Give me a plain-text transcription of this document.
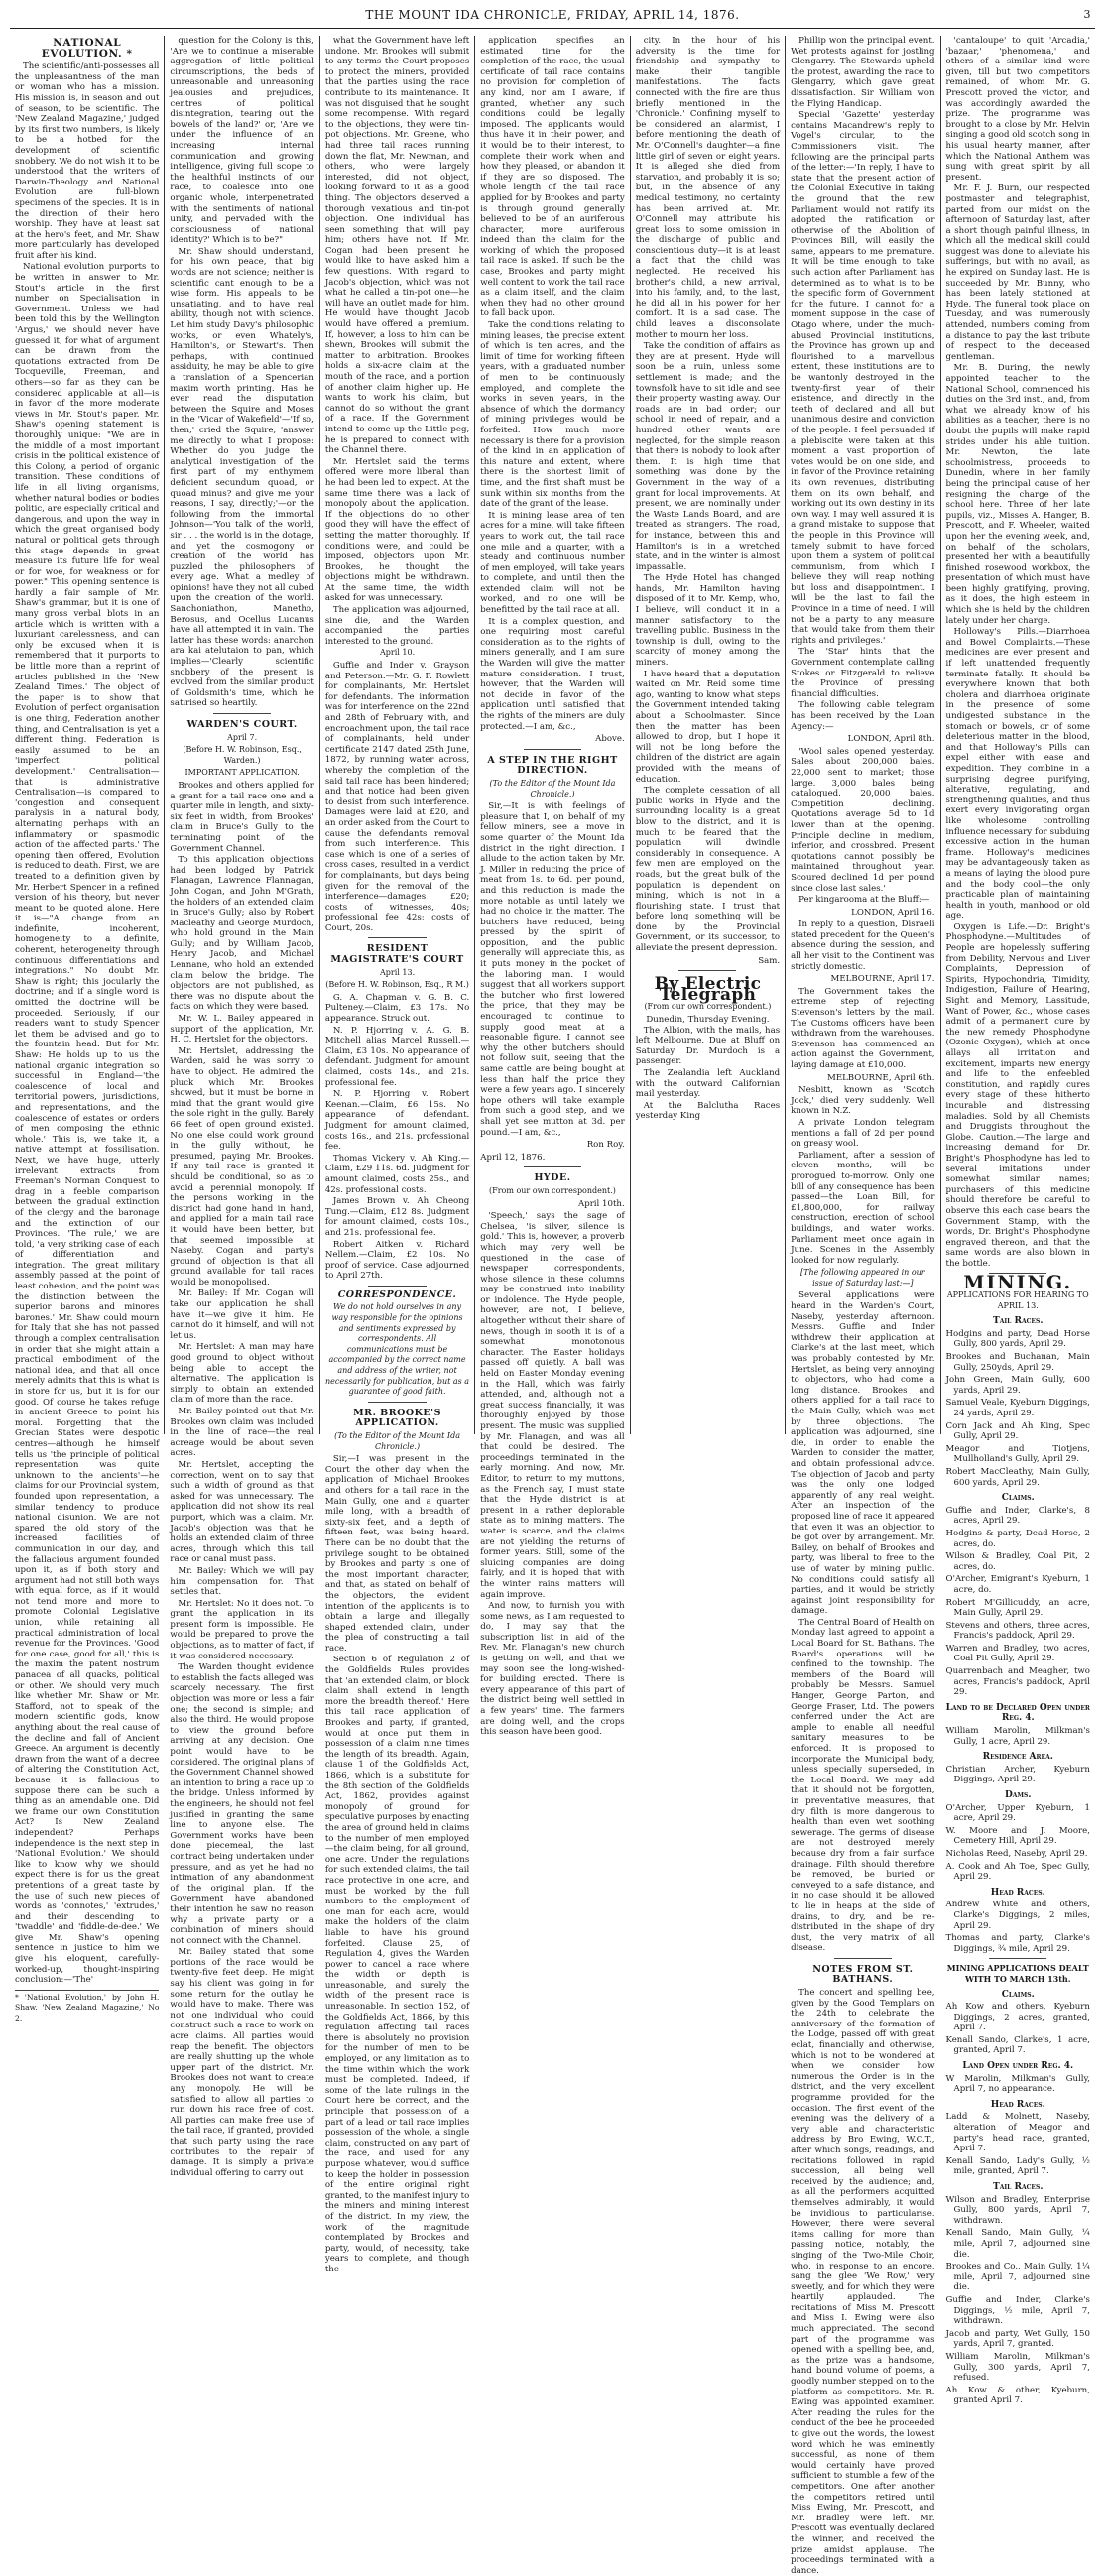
THE MOUNT IDA CHRONICLE, FRIDAY, APRIL 14, 1876.	3
NATIONAL EVOLUTION. *

The scientific/anti-possesses all the unpleasantness of the man or woman who has a mission. His mission is, in season and out of season, to be scientific. The 'New Zealand Magazine,' judged by its first two numbers, is likely to be a hotbed for the development of scientific snobbery. We do not wish it to be understood that the writers of Darwin-Theology and National Evolution are full-blown specimens of the species. It is in the direction of their hero worship. They have at least sat at the hero's feet, and Mr. Shaw more particularly has developed fruit after his kind.

National evolution purports to be written in answer to Mr. Stout's article in the first number on Specialisation in Government. Unless we had been told this by the Wellington 'Argus,' we should never have guessed it, for what of argument can be drawn from the quotations extracted from De Tocqueville, Freeman, and others—so far as they can be considered applicable at all—is in favor of the more moderate views in Mr. Stout's paper. Mr. Shaw's opening statement is thoroughly unique: "We are in the middle of a most important crisis in the political existence of this Colony, a period of organic transition. These conditions of life in all living organisms, whether natural bodies or bodies politic, are especially critical and dangerous, and upon the way in which the great organised body natural or political gets through this stage depends in great measure its future life for weal or for woe, for weakness or for power." This opening sentence is hardly a fair sample of Mr. Shaw's grammar, but it is one of many gross verbal blots in an article which is written with a luxuriant carelessness, and can only be excused when it is remembered that it purports to be little more than a reprint of articles published in the 'New Zealand Times.' The object of the paper is to show that Evolution of perfect organisation is one thing, Federation another thing, and Centralisation is yet a different thing. Federation is easily assumed to be an 'imperfect political development.' Centralisation—that is administrative Centralisation—is compared to 'congestion and consequent paralysis in a natural body, alternating perhaps with an inflammatory or spasmodic action of the affected parts.' The opening then offered, Evolution is reduced to death. First, we are treated to a definition given by Mr. Herbert Spencer in a refined version of his theory, but never meant to be quoted alone. Here it is—"A change from an indefinite, incoherent, homogeneity to a definite, coherent, heterogeneity through continuous differentiations and integrations." No doubt Mr. Shaw is right; this jocularly the doctrine; and if a single word is omitted the doctrine will be proceeded. Seriously, if our readers want to study Spencer let them be advised and go to the fountain head. But for Mr. Shaw: He holds up to us the national organic integration so successful in England—'the coalescence of local and territorial powers, jurisdictions, and representations, and the coalescence of estates or orders of men composing the ethnic whole.' This is, we take it, a native attempt at fossilisation. Next, we have huge, utterly irrelevant extracts from Freeman's Norman Conquest to drag in a feeble comparison between the gradual extinction of the clergy and the baronage and the extinction of our Provinces. 'The rule,' we are told, 'a very striking case of each of differentiation and integration. The great military assembly passed at the point of least cohesion, and the point was the distinction between the superior barons and minores barones.' Mr. Shaw could mourn for Italy that she has not passed through a complex centralisation in order that she might attain a practical embodiment of the national idea, and that all once merely admits that this is what is in store for us, but it is for our good. Of course he takes refuge in ancient Greece to point his moral. Forgetting that the Grecian States were despotic centres—although he himself tells us 'the principle of political representation was quite unknown to the ancients'—he claims for our Provincial system, founded upon representation, a similar tendency to produce national disunion. We are not spared the old story of the increased facilities of communication in our day, and the fallacious argument founded upon it, as if both story and argument had not still both ways with equal force, as if it would not tend more and more to promote Colonial Legislative union, while retaining all practical administration of local revenue for the Provinces. 'Good for one case, good for all,' this is the maxim the patent nostrum panacea of all quacks, political or other. We should very much like whether Mr. Shaw or Mr. Stafford, not to speak of the modern scientific gods, know anything about the real cause of the decline and fall of Ancient Greece. An argument is decently drawn from the want of a decree of altering the Constitution Act, because it is fallacious to suppose there can be such a thing as an amendable one. Did we frame our own Constitution Act? Is New Zealand independent? Perhaps independence is the next step in 'National Evolution.' We should like to know why we should expect there is for us the great pretentions of a great taste by the use of such new pieces of words as 'connotes,' 'extrudes,' and their descending to 'twaddle' and 'fiddle-de-dee.' We give Mr. Shaw's opening sentence in justice to him we give his eloquent, carefully-worked-up, thought-inspiring conclusion:—'The'

* 'National Evolution,' by John H. Shaw. 'New Zealand Magazine,' No 2.

question for the Colony is this, 'Are we to continue a miserable aggregation of little political circumscriptions, the beds of unreasonable and unreasoning jealousies and prejudices, centres of political disintegration, tearing out the bowels of the land?' or, 'Are we under the influence of an increasing internal communication and growing intelligence, giving full scope to the healthful instincts of our race, to coalesce into one organic whole, interpenetrated with the sentiments of national unity, and pervaded with the consciousness of national identity?' Which is to be?"

Mr. Shaw should understand, for his own peace, that big words are not science; neither is scientific cant enough to be a wise form. His appeals to be unsatiating, and to have real ability, though not with science. Let him study Davy's philosophic works, or even Whately's, Hamilton's, or Stewart's. Then perhaps, with continued assiduity, he may be able to give a translation of a Spencerian maxim worth printing. Has he ever read the disputation between the Squire and Moses in the 'Vicar of Wakefield'—'If so, then,' cried the Squire, 'answer me directly to what I propose: Whether do you judge the analytical investigation of the first part of my enthymem deficient secundum quoad, or quoad minus? and give me your reasons, I say, directly;'—or the following from the immortal Johnson—'You talk of the world, sir . . . the world is in the dotage, and yet the cosmogony or creation of the world has puzzled the philosophers of every age. What a medley of opinions! have they not all cubed upon the creation of the world. Sanchoniathon, Manetho, Berosus, and Ocellus Lucanus have all attempted it in vain. The latter has these words: anarchon ara kai atelutaion to pan, which implies—'Clearly scientific snobbery of the present is evolved from the similar product of Goldsmith's time, which he satirised so heartily.

WARDEN'S COURT.
April 7.
(Before H. W. Robinson, Esq., Warden.)
IMPORTANT APPLICATION.

Brookes and others applied for a grant for a tail race one and a quarter mile in length, and sixty-six feet in width, from Brookes' claim in Bruce's Gully to the terminating point of the Government Channel.

To this application objections had been lodged by Patrick Flanagan, Lawrence Flannagan, John Cogan, and John M'Grath, the holders of an extended claim in Bruce's Gully; also by Robert Macleathy and George Murdoch, who hold ground in the Main Gully; and by William Jacob, Henry Jacob, and Michael Lennane, who hold an extended claim below the bridge. The objectors are not published, as there was no dispute about the facts on which they were based.

Mr. W. L. Bailey appeared in support of the application, Mr. H. C. Hertslet for the objectors.

Mr. Hertslet, addressing the Warden, said he was sorry to have to object. He admired the pluck which Mr. Brookes showed, but it must be borne in mind that the grant would give the sole right in the gully. Barely 66 feet of open ground existed. No one else could work ground in the gully without, he presumed, paying Mr. Brookes. If any tail race is granted it should be conditional, so as to avoid a perennial monopoly. If the persons working in the district had gone hand in hand, and applied for a main tail race it would have been better, but that seemed impossible at Naseby. Cogan and party's ground of objection is that all ground available for tail races would be monopolised.

Mr. Bailey: If Mr. Cogan will take our application he shall have it—we give it him. He cannot do it himself, and will not let us.

Mr. Hertslet: A man may have good ground to object without being able to accept the alternative. The application is simply to obtain an extended claim of more than the race.

Mr. Bailey pointed out that Mr. Brookes own claim was included in the line of race—the real acreage would be about seven acres.

Mr. Hertslet, accepting the correction, went on to say that such a width of ground as that asked for was unnecessary. The application did not show its real purport, which was a claim. Mr. Jacob's objection was that he holds an extended claim of three acres, through which this tail race or canal must pass.

Mr. Bailey: Which we will pay him compensation for. That settles that.

Mr. Hertslet: No it does not. To grant the application in its present form is impossible. He would be prepared to prove the objections, as to matter of fact, if it was considered necessary.

The Warden thought evidence to establish the facts alleged was scarcely necessary. The first objection was more or less a fair one; the second is simple; and also the third. He would propose to view the ground before arriving at any decision. One point would have to be considered. The original plans of the Government Channel showed an intention to bring a race up to the bridge. Unless informed by the engineers, he should not feel justified in granting the same line to anyone else. The Government works have been done piecemeal, the last contract being undertaken under pressure, and as yet he had no intimation of any abandonment of the original plan. If the Government have abandoned their intention he saw no reason why a private party or a combination of miners should not connect with the Channel.

Mr. Bailey stated that some portions of the race would be twenty-five feet deep. He might say his client was going in for some return for the outlay he would have to make. There was not one individual who could construct such a race to work on acre claims. All parties would reap the benefit. The objectors are really shutting up the whole upper part of the district. Mr. Brookes does not want to create any monopoly. He will be satisfied to allow all parties to run down his race free of cost. All parties can make free use of the tail race, if granted, provided that such party using the race contributes to the repair of damage. It is simply a private individual offering to carry out

what the Government have left undone. Mr. Brookes will submit to any terms the Court proposes to protect the miners, provided that the parties using the race contribute to its maintenance. It was not disguised that he sought some recompense. With regard to the objections, they were tin-pot objections. Mr. Greene, who had three tail races running down the flat, Mr. Newman, and others, who were largely interested, did not object, looking forward to it as a good thing. The objectors deserved a thorough vexatious and tin-pot objection. One individual has seen something that will pay him; others have not. If Mr. Cogan had been present he would like to have asked him a few questions. With regard to Jacob's objection, which was not what he called a tin-pot one—he will have an outlet made for him. He would have thought Jacob would have offered a premium. If, however, a loss to him can be shewn, Brookes will submit the matter to arbitration. Brookes holds a six-acre claim at the mouth of the race, and a portion of another claim higher up. He wants to work his claim, but cannot do so without the grant of a race. If the Government intend to come up the Little peg, he is prepared to connect with the Channel there.

Mr. Hertslet said the terms offered were more liberal than he had been led to expect. At the same time there was a lack of monopoly about the application. If the objections do no other good they will have the effect of setting the matter thoroughly. If conditions were, and could be imposed, objectors upon Mr. Brookes, he thought the objections might be withdrawn. At the same time, the width asked for was unnecessary.

The application was adjourned, sine die, and the Warden accompanied the parties interested to the ground.

April 10.

Guffie and Inder v. Grayson and Peterson.—Mr. G. F. Rowlett for complainants, Mr. Hertslet for defendants. The information was for interference on the 22nd and 28th of February with, and encroachment upon, the tail race of complainants, held under certificate 2147 dated 25th June, 1872, by running water across, whereby the completion of the said tail race has been hindered; and that notice had been given to desist from such interference. Damages were laid at £20, and an order asked from the Court to cause the defendants removal from such interference. This case which is one of a series of cross cases, resulted in a verdict for complainants, but days being given for the removal of the interference—damages £20; costs of witnesses, 40s; professional fee 42s; costs of Court, 20s.

RESIDENT MAGISTRATE'S COURT
April 13.
(Before H. W. Robinson, Esq., R M.)

G. A. Chapman v. G. B. C. Pulteney.—Claim, £3 17s. No appearance. Struck out.

N. P. Hjorring v. A. G. B. Mitchell alias Marcel Russell.—Claim, £3 10s. No appearance of defendant. Judgment for amount claimed, costs 14s., and 21s. professional fee.

N. P. Hjorring v. Robert Keenan.—Claim, £6 15s. No appearance of defendant. Judgment for amount claimed, costs 16s., and 21s. professional fee.

Thomas Vickery v. Ah King.—Claim, £29 11s. 6d. Judgment for amount claimed, costs 25s., and 42s. professional costs.

James Brown v. Ah Cheong Tung.—Claim, £12 8s. Judgment for amount claimed, costs 10s., and 21s. professional fee.

Robert Aitken v. Richard Nellem.—Claim, £2 10s. No proof of service. Case adjourned to April 27th.

CORRESPONDENCE.
We do not hold ourselves in any way responsible for the opinions and sentiments expressed by correspondents. All communications must be accompanied by the correct name and address of the writer, not necessarily for publication, but as a guarantee of good faith.
MR. BROOKE'S APPLICATION.
(To the Editor of the Mount Ida Chronicle.)

Sir,—I was present in the Court the other day when the application of Michael Brookes and others for a tail race in the Main Gully, one and a quarter mile long, with a breadth of sixty-six feet, and a depth of fifteen feet, was being heard. There can be no doubt that the privilege sought to be obtained by Brookes and party is one of the most important character, and that, as stated on behalf of the objectors, the evident intention of the applicants is to obtain a large and illegally shaped extended claim, under the plea of constructing a tail race.

Section 6 of Regulation 2 of the Goldfields Rules provides that 'an extended claim, or block claim shall extend in length more the breadth thereof.' Here this tail race application of Brookes and party, if granted, would at once put them in possession of a claim nine times the length of its breadth. Again, clause 1 of the Goldfields Act, 1866, which is a substitute for the 8th section of the Goldfields Act, 1862, provides against monopoly of ground for speculative purposes by enacting the area of ground held in claims to the number of men employed—the claim being, for all ground, one acre. Under the regulations for such extended claims, the tail race protective in one acre, and must be worked by the full numbers to the employment of one man for each acre, would make the holders of the claim liable to have his ground forfeited. Clause 25, of Regulation 4, gives the Warden power to cancel a race where the width or depth is unreasonable, and surely the width of the present race is unreasonable. In section 152, of the Goldfields Act, 1866, by this regulation affecting tail races there is absolutely no provision for the number of men to be employed, or any limitation as to the time within which the work must be completed. Indeed, if some of the late rulings in the Court here be correct, and the principle that possession of a part of a lead or tail race implies possession of the whole, a single claim, constructed on any part of the race, and used for any purpose whatever, would suffice to keep the holder in possession of the entire original right granted, to the manifest injury to the miners and mining interest of the district. In my view, the work of the magnitude contemplated by Brookes and party, would, of necessity, take years to complete, and though the

application specifies an estimated time for the completion of the race, the usual certificate of tail race contains no provision for completion of any kind, nor am I aware, if granted, whether any such conditions could be legally imposed. The applicants would thus have it in their power, and it would be to their interest, to complete their work when and how they pleased, or abandon it if they are so disposed. The whole length of the tail race applied for by Brookes and party is through ground generally believed to be of an auriferous character, more auriferous indeed than the claim for the working of which the proposed tail race is asked. If such be the case, Brookes and party might well content to work the tail race as a claim itself, and the claim when they had no other ground to fall back upon.

Take the conditions relating to mining leases, the precise extent of which is ten acres, and the limit of time for working fifteen years, with a graduated number of men to be continuously employed, and complete the works in seven years, in the absence of which the dormancy of mining privileges would be forfeited. How much more necessary is there for a provision of the kind in an application of this nature and extent, where there is the shortest limit of time, and the first shaft must be sunk within six months from the date of the grant of the lease.

It is mining lease area of ten acres for a mine, will take fifteen years to work out, the tail race one mile and a quarter, with a steady and continuous number of men employed, will take years to complete, and until then the extended claim will not be worked, and no one will be benefitted by the tail race at all.

It is a complex question, and one requiring most careful consideration as to the rights of miners generally, and I am sure the Warden will give the matter mature consideration. I trust, however, that the Warden will not decide in favor of the application until satisfied that the rights of the miners are duly protected.—I am, &c.,

Above.
A STEP IN THE RIGHT DIRECTION.
(To the Editor of the Mount Ida Chronicle.)

Sir,—It is with feelings of pleasure that I, on behalf of my fellow miners, see a move in some quarter of the Mount Ida district in the right direction. I allude to the action taken by Mr. J. Miller in reducing the price of meat from 1s. to 6d. per pound, and this reduction is made the more notable as until lately we had no choice in the matter. The butchers have reduced, being pressed by the spirit of opposition, and the public generally will appreciate this, as it puts money in the pocket of the laboring man. I would suggest that all workers support the butcher who first lowered the price, that they may be encouraged to continue to supply good meat at a reasonable figure. I cannot see why the other butchers should not follow suit, seeing that the same cattle are being bought at less than half the price they were a few years ago. I sincerely hope others will take example from such a good step, and we shall yet see mutton at 3d. per pound.—I am, &c.,

Ron Roy.
April 12, 1876.
HYDE.
(From our own correspondent.)
April 10th.

'Speech,' says the sage of Chelsea, 'is silver, silence is gold.' This is, however, a proverb which may very well be questioned in the case of newspaper correspondents, whose silence in these columns may be construed into inability or indolence. The Hyde people, however, are not, I believe, altogether without their share of news, though in sooth it is of a somewhat monotonous character. The Easter holidays passed off quietly. A ball was held on Easter Monday evening in the Hall, which was fairly attended, and, although not a great success financially, it was thoroughly enjoyed by those present. The music was supplied by Mr. Flanagan, and was all that could be desired. The proceedings terminated in the early morning. And now, Mr. Editor, to return to my muttons, as the French say, I must state that the Hyde district is at present in a rather deplorable state as to mining matters. The water is scarce, and the claims are not yielding the returns of former years. Still, some of the sluicing companies are doing fairly, and it is hoped that with the winter rains matters will again improve.

And now, to furnish you with some news, as I am requested to do, I may say that the subscription list in aid of the Rev. Mr. Flanagan's new church is getting on well, and that we may soon see the long-wished-for building erected. There is every appearance of this part of the district being well settled in a few years' time. The farmers are doing well, and the crops this season have been good.

city. In the hour of his adversity is the time for friendship and sympathy to make their tangible manifestations. The facts connected with the fire are thus briefly mentioned in the 'Chronicle.' Confining myself to be considered an alarmist, I before mentioning the death of Mr. O'Connell's daughter—a fine little girl of seven or eight years. It is alleged she died from starvation, and probably it is so; but, in the absence of any medical testimony, no certainty has been arrived at. Mr. O'Connell may attribute his great loss to some omission in the discharge of public and conscientious duty—it is at least a fact that the child was neglected. He received his brother's child, a new arrival, into his family, and, to the last, he did all in his power for her comfort. It is a sad case. The child leaves a disconsolate mother to mourn her loss.

Take the condition of affairs as they are at present. Hyde will soon be a ruin, unless some settlement is made; and the townsfolk have to sit idle and see their property wasting away. Our roads are in bad order; our school in need of repair, and a hundred other wants are neglected, for the simple reason that there is nobody to look after them. It is high time that something was done by the Government in the way of a grant for local improvements. At present, we are nominally under the Waste Lands Board, and are treated as strangers. The road, for instance, between this and Hamilton's is in a wretched state, and in the winter is almost impassable.

The Hyde Hotel has changed hands, Mr. Hamilton having disposed of it to Mr. Kemp, who, I believe, will conduct it in a manner satisfactory to the travelling public. Business in the township is dull, owing to the scarcity of money among the miners.

I have heard that a deputation waited on Mr. Reid some time ago, wanting to know what steps the Government intended taking about a Schoolmaster. Since then the matter has been allowed to drop, but I hope it will not be long before the children of the district are again provided with the means of education.

The complete cessation of all public works in Hyde and the surrounding locality is a great blow to the district, and it is much to be feared that the population will dwindle considerably in consequence. A few men are employed on the roads, but the great bulk of the population is dependent on mining, which is not in a flourishing state. I trust that before long something will be done by the Provincial Government, or its successor, to alleviate the present depression.

Sam.
By Electric Telegraph
(From our own correspondent.)
Dunedin, Thursday Evening.

The Albion, with the mails, has left Melbourne. Due at Bluff on Saturday. Dr. Murdoch is a passenger.

The Zealandia left Auckland with the outward Californian mail yesterday.

At the Balclutha Races yesterday King

Phillip won the principal event. Wet protests against for jostling Glengarry. The Stewards upheld the protest, awarding the race to Glengarry, which gave great dissatisfaction. Sir William won the Flying Handicap.

Special 'Gazette' yesterday contains Macandrew's reply to Vogel's circular, to the Commissioners visit. The following are the principal parts of the letter:—'In reply, I have to state that the present action of the Colonial Executive in taking the ground that the new Parliament would not ratify its adopted the ratification or otherwise of the Abolition of Provinces Bill, will easily the same, appears to me premature. It will be time enough to take such action after Parliament has determined as to what is to be the specific form of Government for the future. I cannot for a moment suppose in the case of Otago where, under the much-abused Provincial institutions, the Province has grown up and flourished to a marvellous extent, these institutions are to be wantonly destroyed in the twenty-first year of their existence, and directly in the teeth of declared and all but unanimous desire and conviction of the people. I feel persuaded if a plebiscite were taken at this moment a vast proportion of votes would be on one side, and in favor of the Province retaining its own revenues, distributing them on its own behalf, and working out its own destiny in its own way. I may well assured it is a grand mistake to suppose that the people in this Province will tamely submit to have forced upon them a system of political communism, from which I believe they will reap nothing but loss and disappointment. I will be the last to fail the Province in a time of need. I will not be a party to any measure that would take from them their rights and privileges.'

The 'Star' hints that the Government contemplate calling Stokes or Fitzgerald to relieve the Province of pressing financial difficulties.

The following cable telegram has been received by the Loan Agency:—

LONDON, April 8th.

'Wool sales opened yesterday. Sales about 200,000 bales. 22,000 sent to market; those large. 3,000 bales being catalogued. 20,000 bales. Competition declining. Quotations average 5d to 1d lower than at the opening. Principle decline in medium, inferior, and crossbred. Present quotations cannot possibly be maintained throughout year. Scoured declined 1d per pound since close last sales.'

Per kingarooma at the Bluff:—

LONDON, April 16.

In reply to a question, Disraeli stated precedent for the Queen's absence during the session, and all her visit to the Continent was strictly domestic.

MELBOURNE, April 17.

The Government takes the extreme step of rejecting Stevenson's letters by the mail. The Customs officers have been withdrawn from the warehouses. Stevenson has commenced an action against the Government, laying damage at £10,000.

MELBOURNE, April 6th.

Nesbitt, known as 'Scotch Jock,' died very suddenly. Well known in N.Z.

A private London telegram mentions a fall of 2d per pound on greasy wool.

Parliament, after a session of eleven months, will be prorogued to-morrow. Only one bill of any consequence has been passed—the Loan Bill, for £1,800,000, for railway construction, erection of school buildings, and water works. Parliament meet once again in June. Scenes in the Assembly looked for now regularly.

[The following appeared in our issue of Saturday last:—]

Several applications were heard in the Warden's Court, Naseby, yesterday afternoon. Messrs. Guffie and Inder withdrew their application at Clarke's at the last meet, which was probably contested by Mr. Hertslet, as being very annoying to objectors, who had come a long distance. Brookes and others applied for a tail race to the Main Gully, which was met by three objections. The application was adjourned, sine die, in order to enable the Warden to consider the matter, and obtain professional advice. The objection of Jacob and party was the only one lodged apparently of any real weight. After an inspection of the proposed line of race it appeared that even it was an objection to be got over by arrangement. Mr. Bailey, on behalf of Brookes and party, was liberal to free to the use of water by mining public. No conditions could satisfy all parties, and it would be strictly against joint responsibility for damage.

The Central Board of Health on Monday last agreed to appoint a Local Board for St. Bathans. The Board's operations will be confined to the township. The members of the Board will probably be Messrs. Samuel Hanger, George Parton, and George Fraser, Ltd. The powers conferred under the Act are ample to enable all needful sanitary measures to be enforced. It is proposed to incorporate the Municipal body, unless specially superseded, in the Local Board. We may add that it should not be forgotten, in preventative measures, that dry filth is more dangerous to health than even wet soothing sewerage. The germs of disease are not destroyed merely because dry from a fair surface drainage. Filth should therefore be removed, be buried or conveyed to a safe distance, and in no case should it be allowed to lie in heaps at the side of drains, to dry, and be re-distributed in the shape of dry dust, the very matrix of all disease.

NOTES FROM ST. BATHANS.

The concert and spelling bee, given by the Good Templars on the 24th to celebrate the anniversary of the formation of the Lodge, passed off with great eclat, financially and otherwise, which is not to be wondered at when we consider how numerous the Order is in the district, and the very excellent programme provided for the occasion. The first event of the evening was the delivery of a very able and characteristic address by Bro Ewing, W.C.T., after which songs, readings, and recitations followed in rapid succession, all being well received by the audience; and, as all the performers acquitted themselves admirably, it would be invidious to particularise. However, there were several items calling for more than passing notice, notably, the singing of the Two-Mile Choir, who, in response to an encore, sang the glee 'We Row,' very sweetly, and for which they were heartily applauded. The recitations of Miss M. Prescott and Miss I. Ewing were also much appreciated. The second part of the programme was opened with a spelling bee, and, as the prize was a handsome, hand bound volume of poems, a goodly number stepped on to the platform as competitors. Mr. R. Ewing was appointed examiner. After reading the rules for the conduct of the bee he proceeded to give out the words, the lowest word which he was eminently successful, as none of them would certainly have proved sufficient to stumble a few of the competitors. One after another the competitors retired until Miss Ewing, Mr. Prescott, and Mr. Bradley were left. Mr. Prescott was eventually declared the winner, and received the prize amidst applause. The proceedings terminated with a dance.

'cantaloupe' to quit 'Arcadia,' 'bazaar,' 'phenomena,' and others of a similar kind were given, till but two competitors remained, of whom Mr. G. Prescott proved the victor, and was accordingly awarded the prize. The programme was brought to a close by Mr. Helvin singing a good old scotch song in his usual hearty manner, after which the National Anthem was sung with great spirit by all present.

Mr. F. J. Burn, our respected postmaster and telegraphist, parted from our midst on the afternoon of Saturday last, after a short though painful illness, in which all the medical skill could suggest was done to alleviate his sufferings, but with no avail, as he expired on Sunday last. He is succeeded by Mr. Bunny, who has been lately stationed at Hyde. The funeral took place on Tuesday, and was numerously attended, numbers coming from a distance to pay the last tribute of respect to the deceased gentleman.

Mr. B. During, the newly appointed teacher to the National School, commenced his duties on the 3rd inst., and, from what we already know of his abilities as a teacher, there is no doubt the pupils will make rapid strides under his able tuition. Mr. Newton, the late schoolmistress, proceeds to Dunedin, where in her family being the principal cause of her resigning the charge of the school here. Three of her late pupils, viz., Misses A. Hanger, B. Prescott, and F. Wheeler, waited upon her the evening week, and, on behalf of the scholars, presented her with a beautifully finished rosewood workbox, the presentation of which must have been highly gratifying, proving, as it does, the high esteem in which she is held by the children lately under her charge.

Holloway's Pills.—Diarrhoea and Bowel Complaints.—These medicines are ever present and if left unattended frequently terminate fatally. It should be everywhere known that both cholera and diarrhoea originate in the presence of some undigested substance in the stomach or bowels, or of some deleterious matter in the blood, and that Holloway's Pills can expel either with ease and expedition. They combine in a surprising degree purifying, alterative, regulating, and strengthening qualities, and thus exert every invigorating organ like wholesome controlling influence necessary for subduing excessive action in the human frame. Holloway's medicines may be advantageously taken as a means of laying the blood pure and the body cool—the only practicable plan of maintaining health in youth, manhood or old age.

Oxygen is Life.—Dr. Bright's Phosphodyne.—Multitudes of People are hopelessly suffering from Debility, Nervous and Liver Complaints, Depression of Spirits, Hypochondria, Timidity, Indigestion, Failure of Hearing, Sight and Memory, Lassitude, Want of Power, &c., whose cases admit of a permanent cure by the new remedy Phosphodyne (Ozonic Oxygen), which at once allays all irritation and excitement, imparts new energy and life to the enfeebled constitution, and rapidly cures every stage of these hitherto incurable and distressing maladies. Sold by all Chemists and Druggists throughout the Globe. Caution.—The large and increasing demand for Dr. Bright's Phosphodyne has led to several imitations under somewhat similar names; purchasers of this medicine should therefore be careful to observe this each case bears the Government Stamp, with the words, Dr. Bright's Phosphodyne engraved thereon, and that the same words are also blown in the bottle.

MINING.
APPLICATIONS FOR HEARING TO APRIL 13.
Tail Races.
Hodgins and party, Dead Horse Gully, 800 yards, April 29.
Brookes and Buchanan, Main Gully, 250yds, April 29.
John Green, Main Gully, 600 yards, April 29.
Samuel Veale, Kyeburn Diggings, 24 yards, April 29.
Corn Jack and Ah King, Spec Gully, April 29.
Meagor and Tiotjens, Mullholland's Gully, April 29.
Robert MacCleathy, Main Gully, 600 yards, April 29.
Claims.
Guffie and Inder, Clarke's, 8 acres, April 29.
Hodgins & party, Dead Horse, 2 acres, do.
Wilson & Bradley, Coal Pit, 2 acres, do.
O'Archer, Emigrant's Kyeburn, 1 acre, do.
Robert M'Gillicuddy, an acre, Main Gully, April 29.
Stevens and others, three acres, Francis's paddock, April 29.
Warren and Bradley, two acres, Coal Pit Gully, April 29.
Quarrenbach and Meagher, two acres, Francis's paddock, April 29.
Land to be Declared Open under Reg. 4.
William Marolin, Milkman's Gully, 1 acre, April 29.
Residence Area.
Christian Archer, Kyeburn Diggings, April 29.
Dams.
O'Archer, Upper Kyeburn, 1 acre, April 29.
W. Moore and J. Moore, Cemetery Hill, April 29.
Nicholas Reed, Naseby, April 29.
A. Cook and Ah Toe, Spec Gully, April 29.
Head Races.
Andrew White and others, Clarke's Diggings, 2 miles, April 29.
Thomas and party, Clarke's Diggings, ¾ mile, April 29.
MINING APPLICATIONS DEALT WITH TO MARCH 13th.
Claims.
Ah Kow and others, Kyeburn Diggings, 2 acres, granted, April 7.
Kenall Sando, Clarke's, 1 acre, granted, April 7.
Land Open under Reg. 4.
W Marolin, Milkman's Gully, April 7, no appearance.
Head Races.
Ladd & Molnett, Naseby, alteration of Meagor and party's head race, granted, April 7.
Kenall Sando, Lady's Gully, ½ mile, granted, April 7.
Tail Races.
Wilson and Bradley, Enterprise Gully, 800 yards, April 7, withdrawn.
Kenall Sando, Main Gully, ¼ mile, April 7, adjourned sine die.
Brookes and Co., Main Gully, 1¼ mile, April 7, adjourned sine die.
Guffie and Inder, Clarke's Diggings, ½ mile, April 7, withdrawn.
Jacob and party, Wet Gully, 150 yards, April 7, granted.
William Marolin, Milkman's Gully, 300 yards, April 7, refused.
Ah Kow & other, Kyeburn, granted April 7.
